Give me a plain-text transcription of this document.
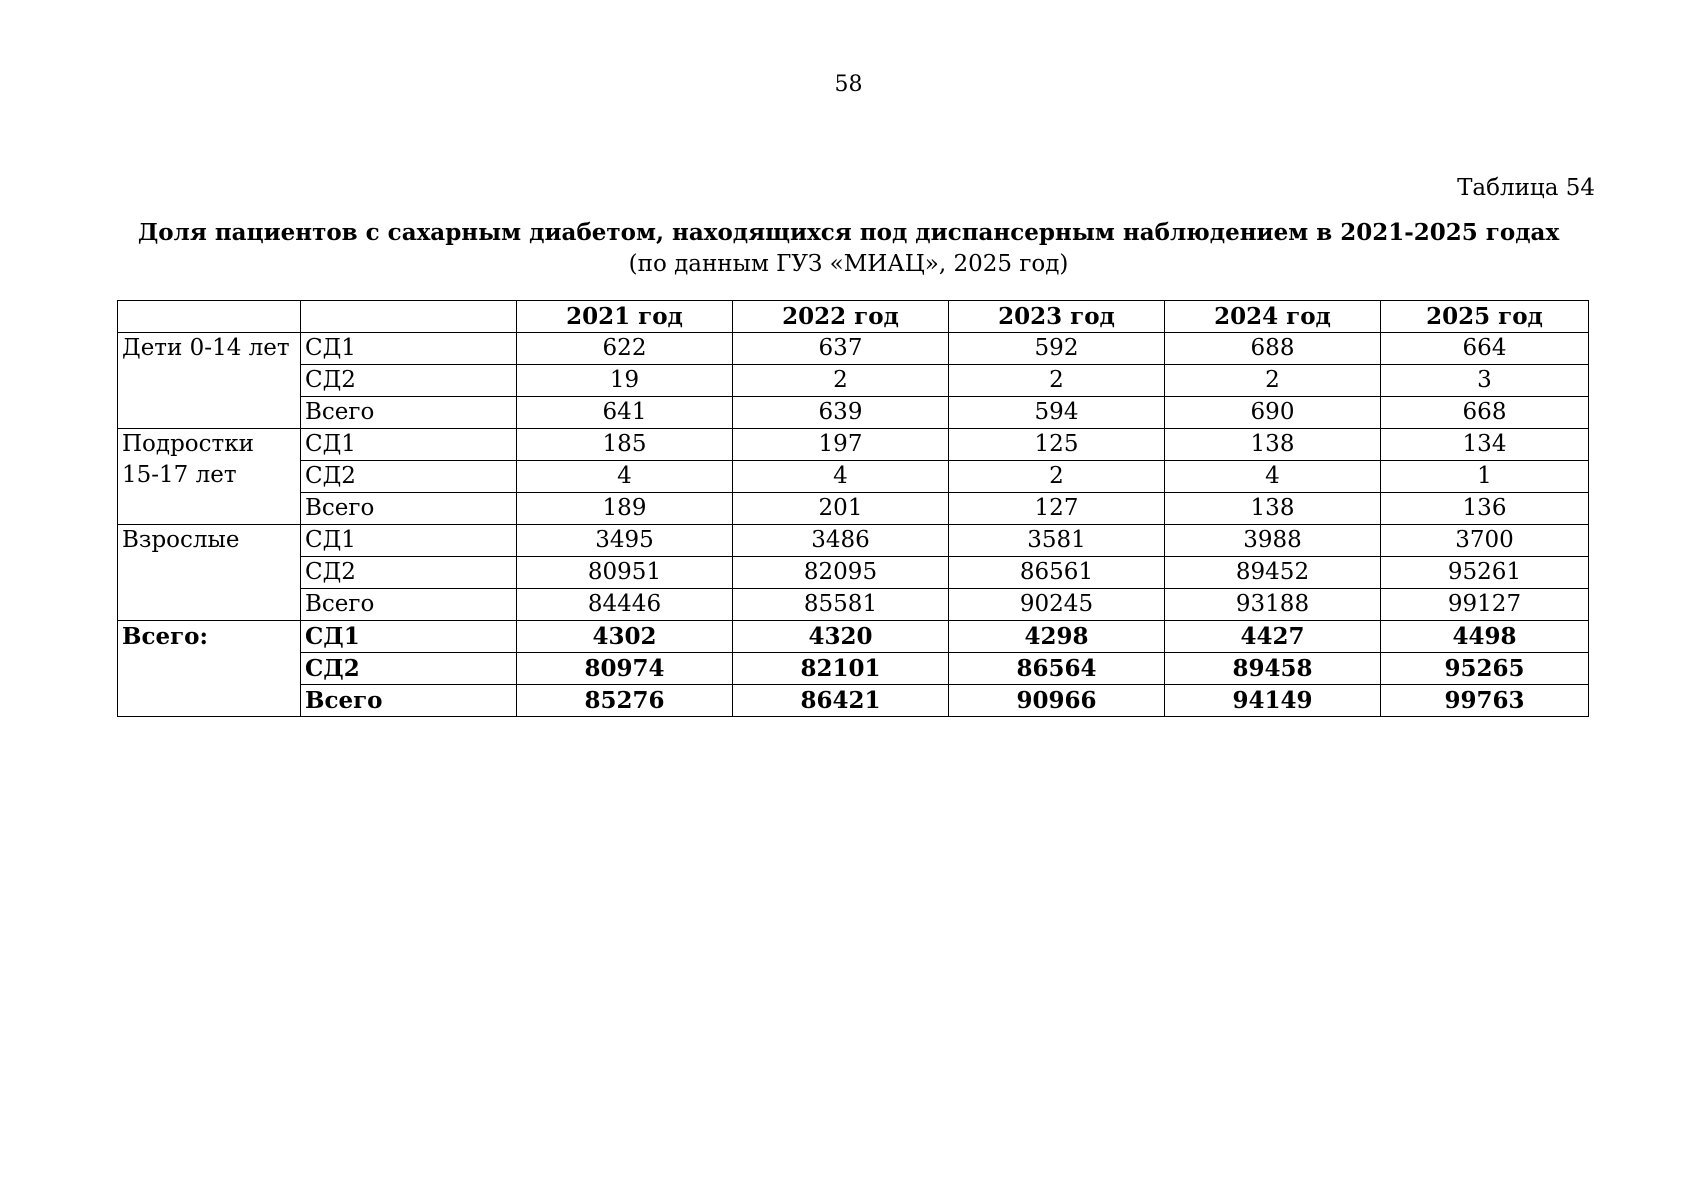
58
Таблица 54
Доля пациентов с сахарным диабетом, находящихся под диспансерным наблюдением в 2021-2025 годах
(по данным ГУЗ «МИАЦ», 2025 год)
		2021 год	2022 год	2023 год	2024 год	2025 год
Дети 0-14 лет	СД1	622	637	592	688	664
	СД2	19	2	2	2	3
	Всего	641	639	594	690	668
Подростки 15-17 лет	СД1	185	197	125	138	134
	СД2	4	4	2	4	1
	Всего	189	201	127	138	136
Взрослые	СД1	3495	3486	3581	3988	3700
	СД2	80951	82095	86561	89452	95261
	Всего	84446	85581	90245	93188	99127
Всего:	СД1	4302	4320	4298	4427	4498
	СД2	80974	82101	86564	89458	95265
	Всего	85276	86421	90966	94149	99763
